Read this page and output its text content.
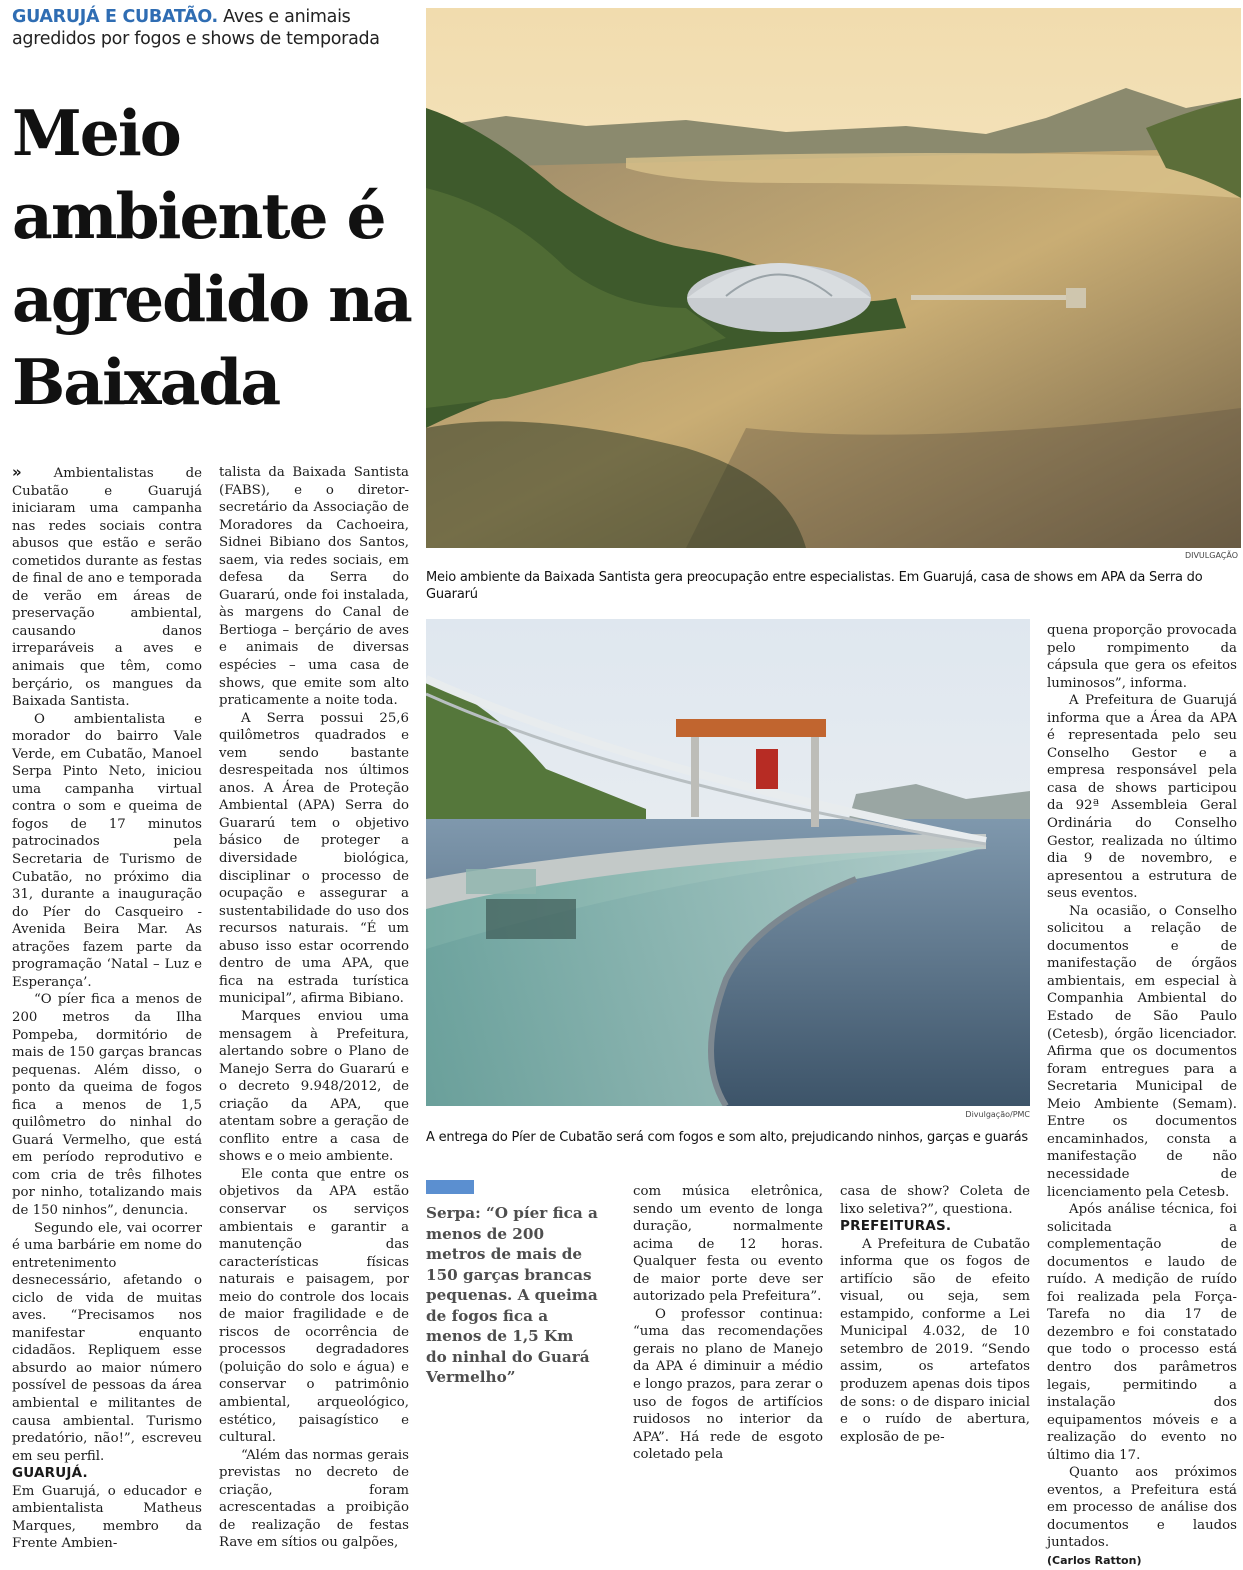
GUARUJÁ E CUBATÃO. Aves e animais agredidos por fogos e shows de temporada
Meio ambiente é agredido na Baixada
DIVULGAÇÃO
Meio ambiente da Baixada Santista gera preocupação entre especialistas. Em Guarujá, casa de shows em APA da Serra do Guararú
Divulgação/PMC
A entrega do Píer de Cubatão será com fogos e som alto, prejudicando ninhos, garças e guarás
Serpa: “O píer fica a menos de 200 metros de mais de 150 garças brancas pequenas. A queima de fogos fica a menos de 1,5 Km do ninhal do Guará Vermelho”

» Ambientalistas de Cubatão e Guarujá iniciaram uma campanha nas redes sociais contra abusos que estão e serão cometidos durante as festas de final de ano e temporada de verão em áreas de preservação ambiental, causando danos irreparáveis a aves e animais que têm, como berçário, os mangues da Baixada Santista.

O ambientalista e morador do bairro Vale Verde, em Cubatão, Manoel Serpa Pinto Neto, iniciou uma campanha virtual contra o som e queima de fogos de 17 minutos patrocinados pela Secretaria de Turismo de Cubatão, no próximo dia 31, durante a inauguração do Píer do Casqueiro - Avenida Beira Mar. As atrações fazem parte da programação ‘Natal – Luz e Esperança’.

“O píer fica a menos de 200 metros da Ilha Pompeba, dormitório de mais de 150 garças brancas pequenas. Além disso, o ponto da queima de fogos fica a menos de 1,5 quilômetro do ninhal do Guará Vermelho, que está em período reprodutivo e com cria de três filhotes por ninho, totalizando mais de 150 ninhos”, denuncia.

Segundo ele, vai ocorrer é uma barbárie em nome do entretenimento desnecessário, afetando o ciclo de vida de muitas aves. “Precisamos nos manifestar enquanto cidadãos. Repliquem esse absurdo ao maior número possível de pessoas da área ambiental e militantes de causa ambiental. Turismo predatório, não!”, escreveu em seu perfil.

GUARUJÁ.

Em Guarujá, o educador e ambientalista Matheus Marques, membro da Frente Ambien-

talista da Baixada Santista (FABS), e o diretor-secretário da Associação de Moradores da Cachoeira, Sidnei Bibiano dos Santos, saem, via redes sociais, em defesa da Serra do Guararú, onde foi instalada, às margens do Canal de Bertioga – berçário de aves e animais de diversas espécies – uma casa de shows, que emite som alto praticamente a noite toda.

A Serra possui 25,6 quilômetros quadrados e vem sendo bastante desrespeitada nos últimos anos. A Área de Proteção Ambiental (APA) Serra do Guararú tem o objetivo básico de proteger a diversidade biológica, disciplinar o processo de ocupação e assegurar a sustentabilidade do uso dos recursos naturais. “É um abuso isso estar ocorrendo dentro de uma APA, que fica na estrada turística municipal”, afirma Bibiano.

Marques enviou uma mensagem à Prefeitura, alertando sobre o Plano de Manejo Serra do Guararú e o decreto 9.948/2012, de criação da APA, que atentam sobre a geração de conflito entre a casa de shows e o meio ambiente.

Ele conta que entre os objetivos da APA estão conservar os serviços ambientais e garantir a manutenção das características físicas naturais e paisagem, por meio do controle dos locais de maior fragilidade e de riscos de ocorrência de processos degradadores (poluição do solo e água) e conservar o patrimônio ambiental, arqueológico, estético, paisagístico e cultural.

“Além das normas gerais previstas no decreto de criação, foram acrescentadas a proibição de realização de festas Rave em sítios ou galpões,

com música eletrônica, sendo um evento de longa duração, normalmente acima de 12 horas. Qualquer festa ou evento de maior porte deve ser autorizado pela Prefeitura”.

O professor continua: “uma das recomendações gerais no plano de Manejo da APA é diminuir a médio e longo prazos, para zerar o uso de fogos de artifícios ruidosos no interior da APA”. Há rede de esgoto coletado pela

casa de show? Coleta de lixo seletiva?”, questiona.

PREFEITURAS.

A Prefeitura de Cubatão informa que os fogos de artifício são de efeito visual, ou seja, sem estampido, conforme a Lei Municipal 4.032, de 10 setembro de 2019. “Sendo assim, os artefatos produzem apenas dois tipos de sons: o de disparo inicial e o ruído de abertura, explosão de pe-

quena proporção provocada pelo rompimento da cápsula que gera os efeitos luminosos”, informa.

A Prefeitura de Guarujá informa que a Área da APA é representada pelo seu Conselho Gestor e a empresa responsável pela casa de shows participou da 92ª Assembleia Geral Ordinária do Conselho Gestor, realizada no último dia 9 de novembro, e apresentou a estrutura de seus eventos.

Na ocasião, o Conselho solicitou a relação de documentos e de manifestação de órgãos ambientais, em especial à Companhia Ambiental do Estado de São Paulo (Cetesb), órgão licenciador. Afirma que os documentos foram entregues para a Secretaria Municipal de Meio Ambiente (Semam). Entre os documentos encaminhados, consta a manifestação de não necessidade de licenciamento pela Cetesb.

Após análise técnica, foi solicitada a complementação de documentos e laudo de ruído. A medição de ruído foi realizada pela Força-Tarefa no dia 17 de dezembro e foi constatado que todo o processo está dentro dos parâmetros legais, permitindo a instalação dos equipamentos móveis e a realização do evento no último dia 17.

Quanto aos próximos eventos, a Prefeitura está em processo de análise dos documentos e laudos juntados.

(Carlos Ratton)
